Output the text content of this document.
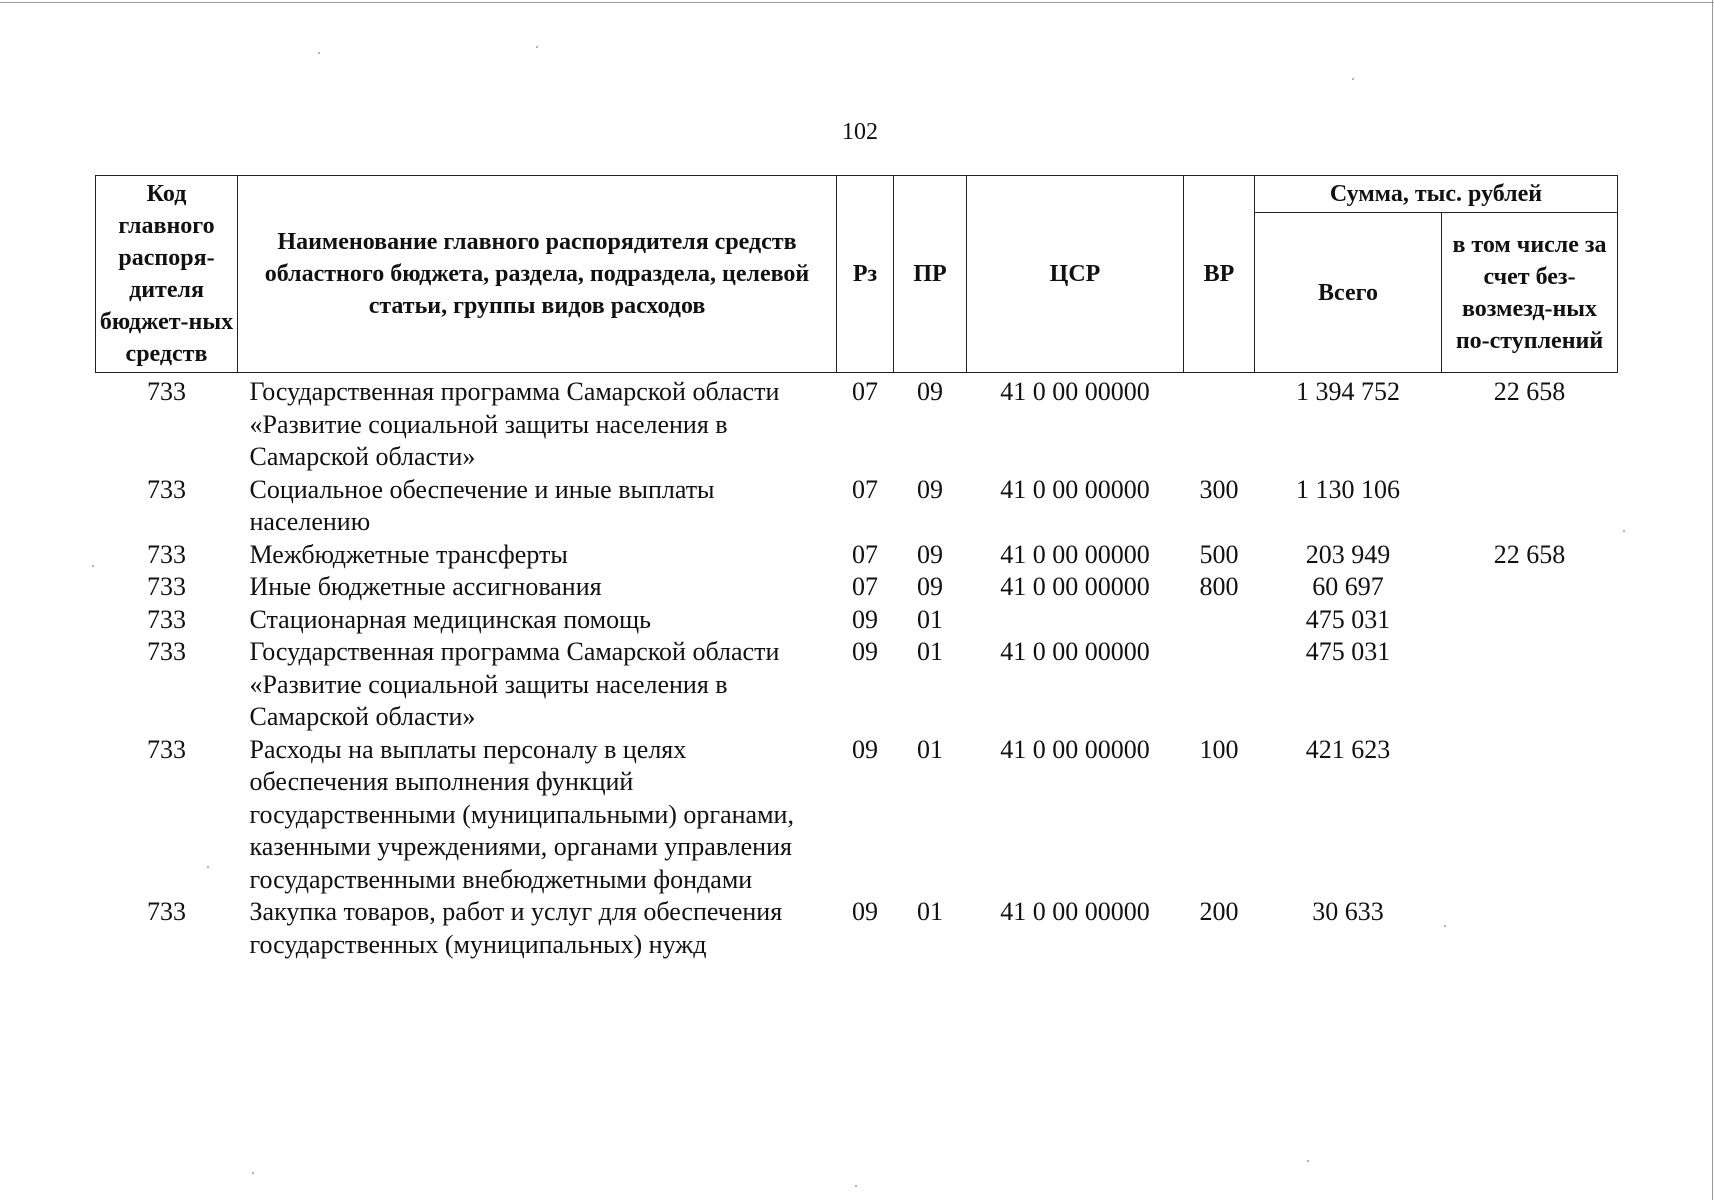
102
Код главного распоря-дителя бюджет-ных средств	Наименование главного распорядителя средств областного бюджета, раздела, подраздела, целевой статьи, группы видов расходов	Рз	ПР	ЦСР	ВР	Сумма, тыс. рублей	
						Всего	в том числе за счет без-возмезд-ных по-ступлений
733	Государственная программа Самарской области «Развитие социальной защиты населения в Самарской области»	07	09	41 0 00 00000		1 394 752	22 658
733	Социальное обеспечение и иные выплаты населению	07	09	41 0 00 00000	300	1 130 106	
733	Межбюджетные трансферты	07	09	41 0 00 00000	500	203 949	22 658
733	Иные бюджетные ассигнования	07	09	41 0 00 00000	800	60 697	
733	Стационарная медицинская помощь	09	01			475 031	
733	Государственная программа Самарской области «Развитие социальной защиты населения в Самарской области»	09	01	41 0 00 00000		475 031	
733	Расходы на выплаты персоналу в целях обеспечения выполнения функций государственными (муниципальными) органами, казенными учреждениями, органами управления государственными внебюджетными фондами	09	01	41 0 00 00000	100	421 623	
733	Закупка товаров, работ и услуг для обеспечения государственных (муниципальных) нужд	09	01	41 0 00 00000	200	30 633	
